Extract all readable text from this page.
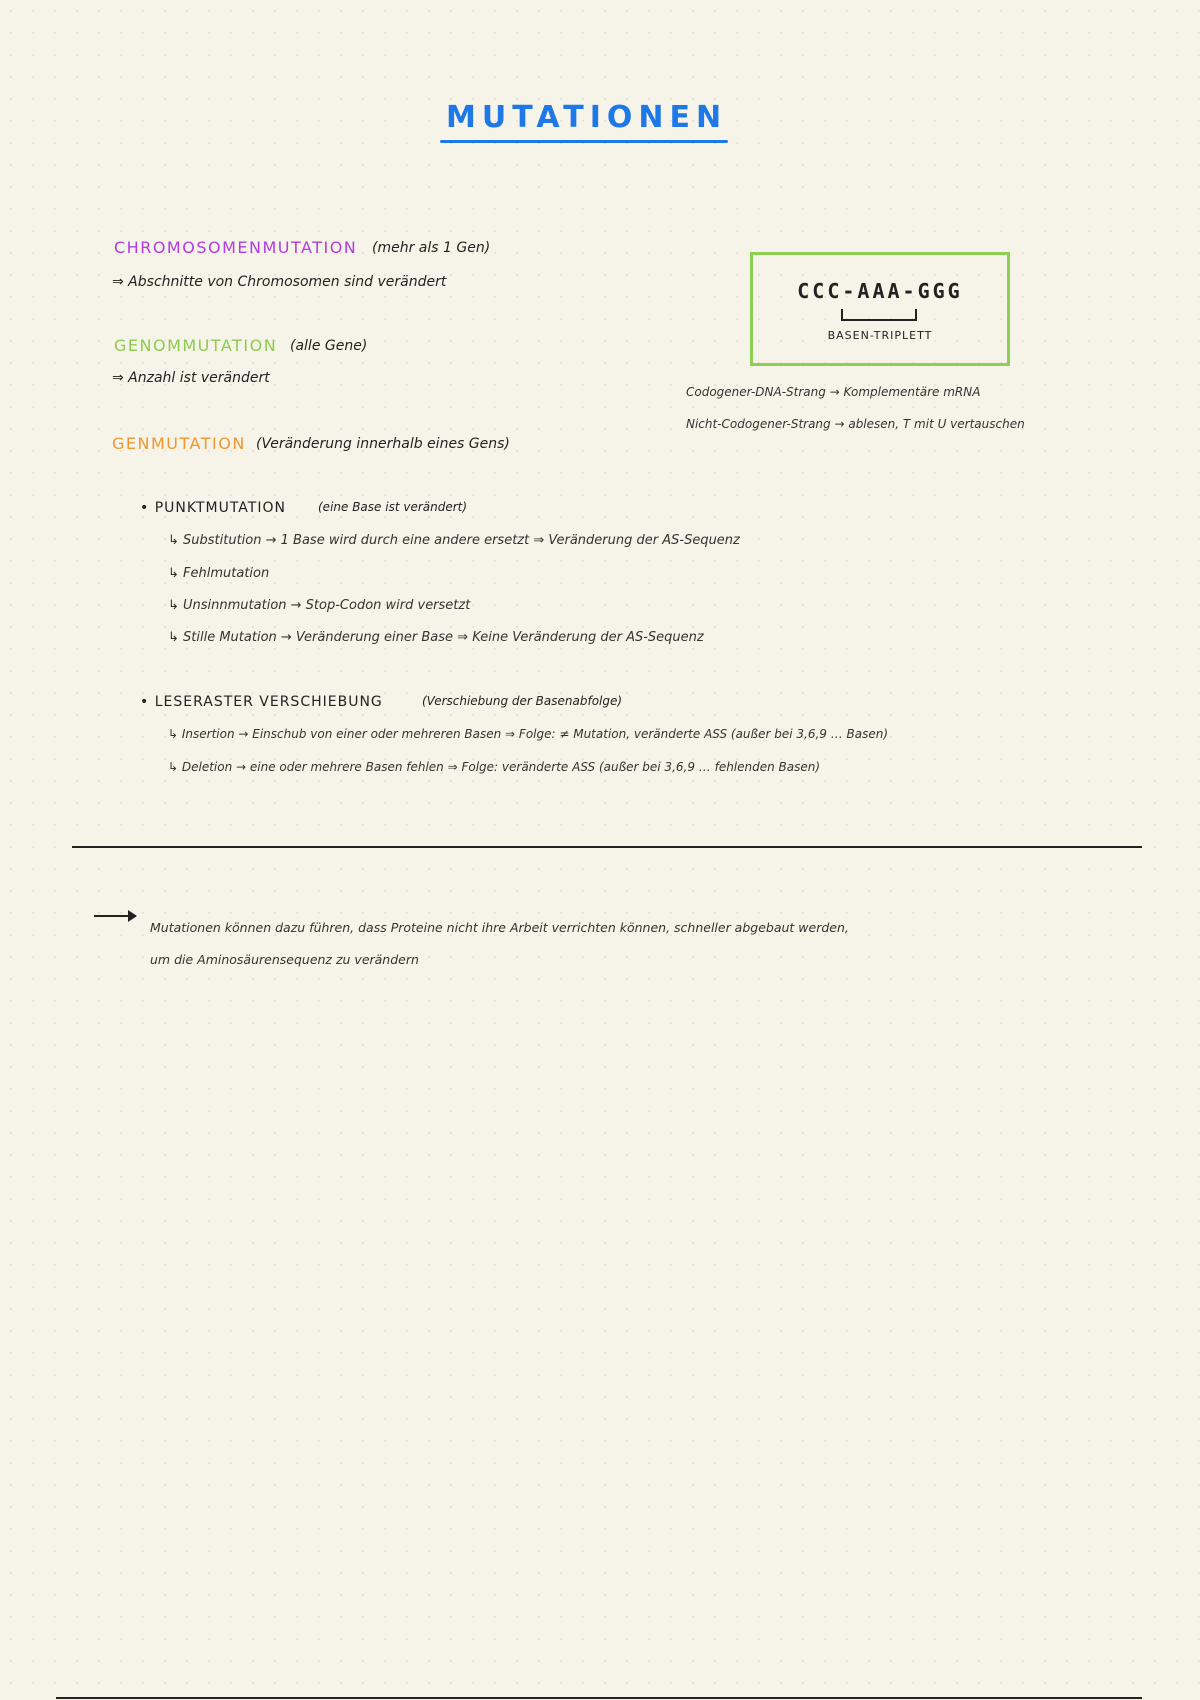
MUTATIONEN
CHROMOSOMENMUTATION (mehr als 1 Gen)
⇒ Abschnitte von Chromosomen sind verändert
GENOMMUTATION (alle Gene)
⇒ Anzahl ist verändert
GENMUTATION (Veränderung innerhalb eines Gens)
• PUNKTMUTATION	(eine Base ist verändert)
↳ Substitution → 1 Base wird durch eine andere ersetzt ⇒ Veränderung der AS-Sequenz
↳ Fehlmutation
↳ Unsinnmutation → Stop-Codon wird versetzt
↳ Stille Mutation → Veränderung einer Base ⇒ Keine Veränderung der AS-Sequenz
• LESERASTER VERSCHIEBUNG	(Verschiebung der Basenabfolge)
↳ Insertion → Einschub von einer oder mehreren Basen ⇒ Folge: ≠ Mutation, veränderte ASS (außer bei 3,6,9 … Basen)
↳ Deletion → eine oder mehrere Basen fehlen ⇒ Folge: veränderte ASS (außer bei 3,6,9 … fehlenden Basen)
CCC-AAA-GGG
BASEN-TRIPLETT
Codogener-DNA-Strang → Komplementäre mRNA
Nicht-Codogener-Strang → ablesen, T mit U vertauschen
Mutationen können dazu führen, dass Proteine nicht ihre Arbeit verrichten können, schneller abgebaut werden,
um die Aminosäurensequenz zu verändern
